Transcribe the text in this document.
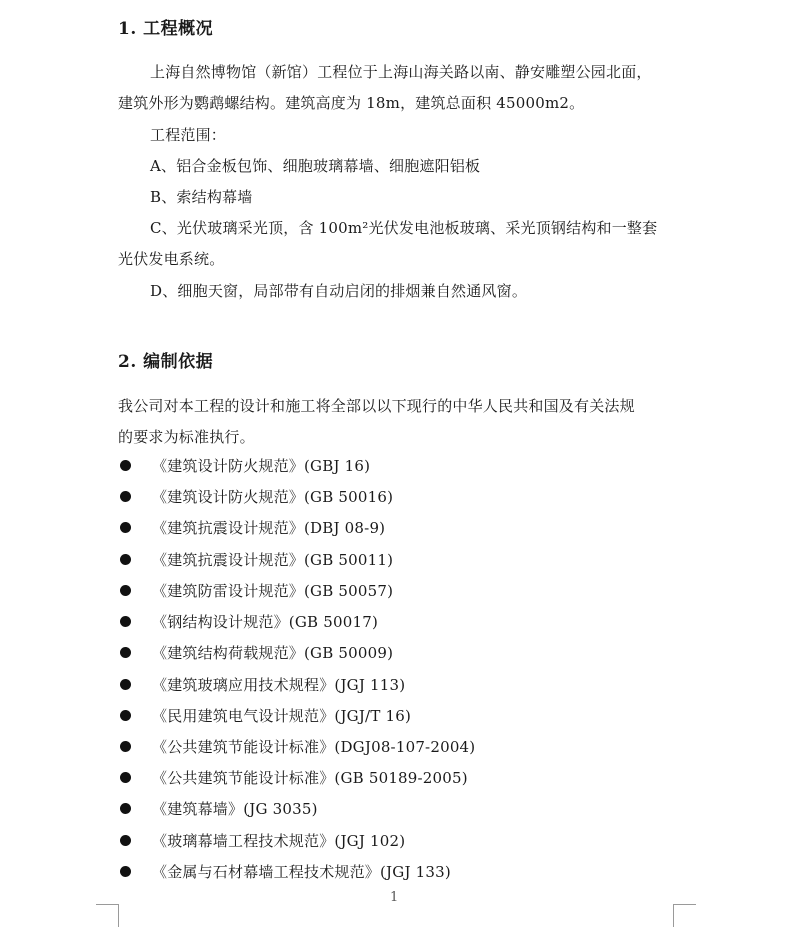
1. 工程概况
上海自然博物馆（新馆）工程位于上海山海关路以南、静安雕塑公园北面，
建筑外形为鹦鹉螺结构。建筑高度为 18m，建筑总面积 45000m2。
工程范围：
A、铝合金板包饰、细胞玻璃幕墙、细胞遮阳铝板
B、索结构幕墙
C、光伏玻璃采光顶，含 100m²光伏发电池板玻璃、采光顶钢结构和一整套
光伏发电系统。
D、细胞天窗，局部带有自动启闭的排烟兼自然通风窗。
2. 编制依据
我公司对本工程的设计和施工将全部以以下现行的中华人民共和国及有关法规
的要求为标准执行。
《建筑设计防火规范》(GBJ 16)
《建筑设计防火规范》(GB 50016)
《建筑抗震设计规范》(DBJ 08-9)
《建筑抗震设计规范》(GB 50011)
《建筑防雷设计规范》(GB 50057)
《钢结构设计规范》(GB 50017)
《建筑结构荷载规范》(GB 50009)
《建筑玻璃应用技术规程》(JGJ 113)
《民用建筑电气设计规范》(JGJ/T 16)
《公共建筑节能设计标准》(DGJ08-107-2004)
《公共建筑节能设计标准》(GB 50189-2005)
《建筑幕墙》(JG 3035)
《玻璃幕墙工程技术规范》(JGJ 102)
《金属与石材幕墙工程技术规范》(JGJ 133)
1
